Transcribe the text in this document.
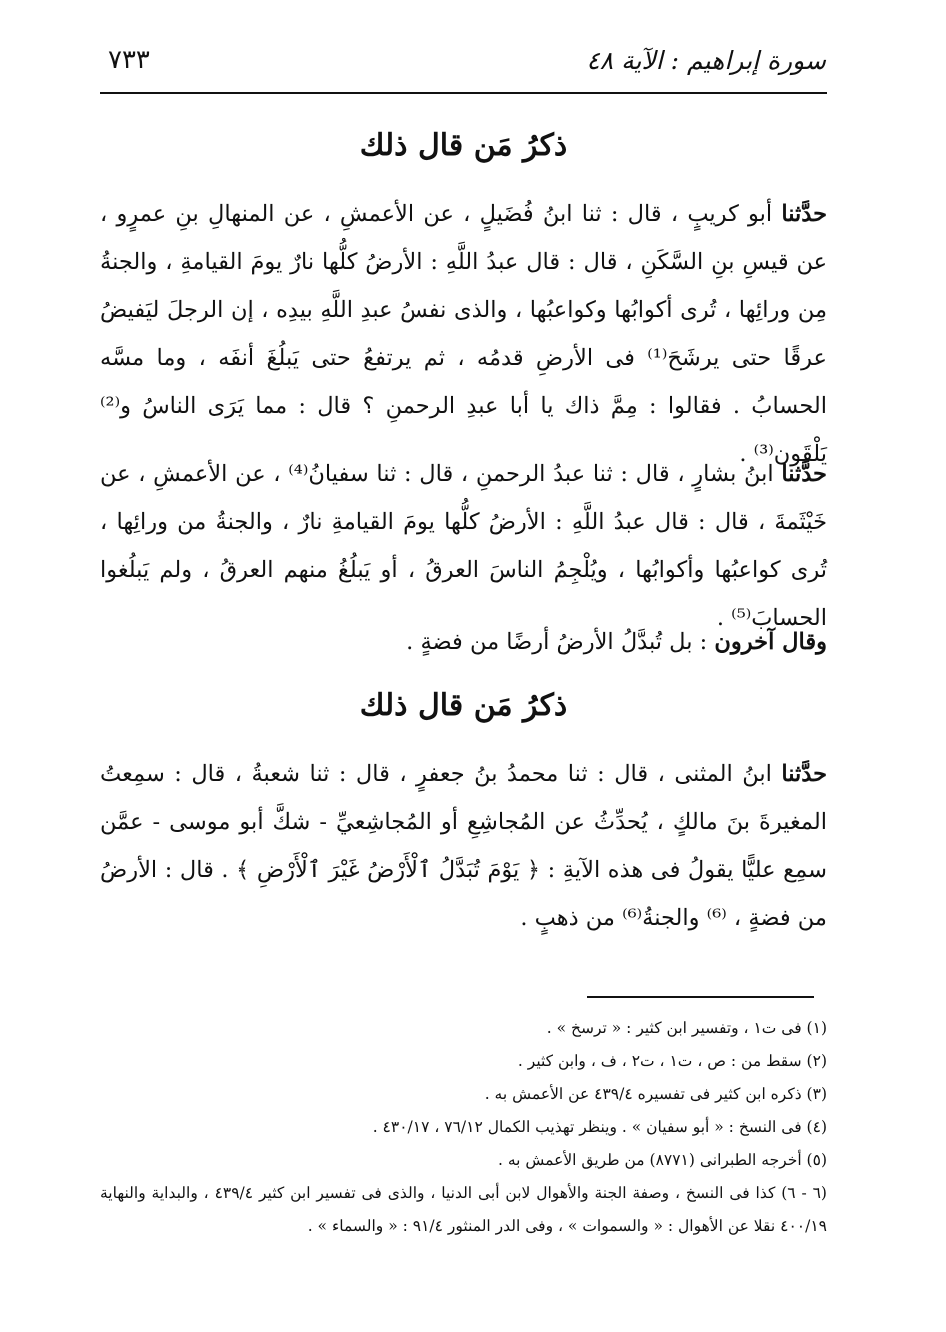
٧٣٣	سورة إبراهيم : الآية ٤٨
ذكرُ مَن قال ذلك
حدَّثنا أبو كريبٍ ، قال : ثنا ابنُ فُضَيلٍ ، عن الأعمشِ ، عن المنهالِ بنِ عمرٍو ، عن قيسِ بنِ السَّكَنِ ، قال : قال عبدُ اللَّهِ : الأرضُ كلُّها نارٌ يومَ القيامةِ ، والجنةُ مِن ورائِها ، تُرى أكوابُها وكواعبُها ، والذى نفسُ عبدِ اللَّهِ بيدِه ، إن الرجلَ ليَفيضُ عرقًا حتى يرشَحَ⁽¹⁾ فى الأرضِ قدمُه ، ثم يرتفعُ حتى يَبلُغَ أنفَه ، وما مسَّه الحسابُ . فقالوا : مِمَّ ذاك يا أبا عبدِ الرحمنِ ؟ قال : مما يَرَى الناسُ و⁽²⁾ يَلْقَون⁽³⁾ .
حدَّثنا ابنُ بشارٍ ، قال : ثنا عبدُ الرحمنِ ، قال : ثنا سفيانُ⁽⁴⁾ ، عن الأعمشِ ، عن خَيْثَمةَ ، قال : قال عبدُ اللَّهِ : الأرضُ كلُّها يومَ القيامةِ نارٌ ، والجنةُ من ورائِها ، تُرى كواعبُها وأكوابُها ، ويُلْجِمُ الناسَ العرقُ ، أو يَبلُغُ منهم العرقُ ، ولم يَبلُغوا الحسابَ⁽⁵⁾ .
وقال آخرون : بل تُبدَّلُ الأرضُ أرضًا من فضةٍ .
ذكرُ مَن قال ذلك
حدَّثنا ابنُ المثنى ، قال : ثنا محمدُ بنُ جعفرٍ ، قال : ثنا شعبةُ ، قال : سمِعتُ المغيرةَ بنَ مالكٍ ، يُحدِّثُ عن المُجاشِعِ أو المُجاشِعيِّ - شكَّ أبو موسى - عمَّن سمِع عليًّا يقولُ فى هذه الآيةِ : ﴿ يَوْمَ تُبَدَّلُ ٱلْأَرْضُ غَيْرَ ٱلْأَرْضِ ﴾ . قال : الأرضُ من فضةٍ ، ⁽⁶⁾ والجنةُ⁽⁶⁾ من ذهبٍ .
(١) فى ت١ ، وتفسير ابن كثير : « ترسخ » .
(٢) سقط من : ص ، ت١ ، ت٢ ، ف ، وابن كثير .
(٣) ذكره ابن كثير فى تفسيره ٤٣٩/٤ عن الأعمش به .
(٤) فى النسخ : « أبو سفيان » . وينظر تهذيب الكمال ٧٦/١٢ ، ٤٣٠/١٧ .
(٥) أخرجه الطبرانى (٨٧٧١) من طريق الأعمش به .
(٦ - ٦) كذا فى النسخ ، وصفة الجنة والأهوال لابن أبى الدنيا ، والذى فى تفسير ابن كثير ٤٣٩/٤ ، والبداية والنهاية ٤٠٠/١٩ نقلا عن الأهوال : « والسموات » ، وفى الدر المنثور ٩١/٤ : « والسماء » .
